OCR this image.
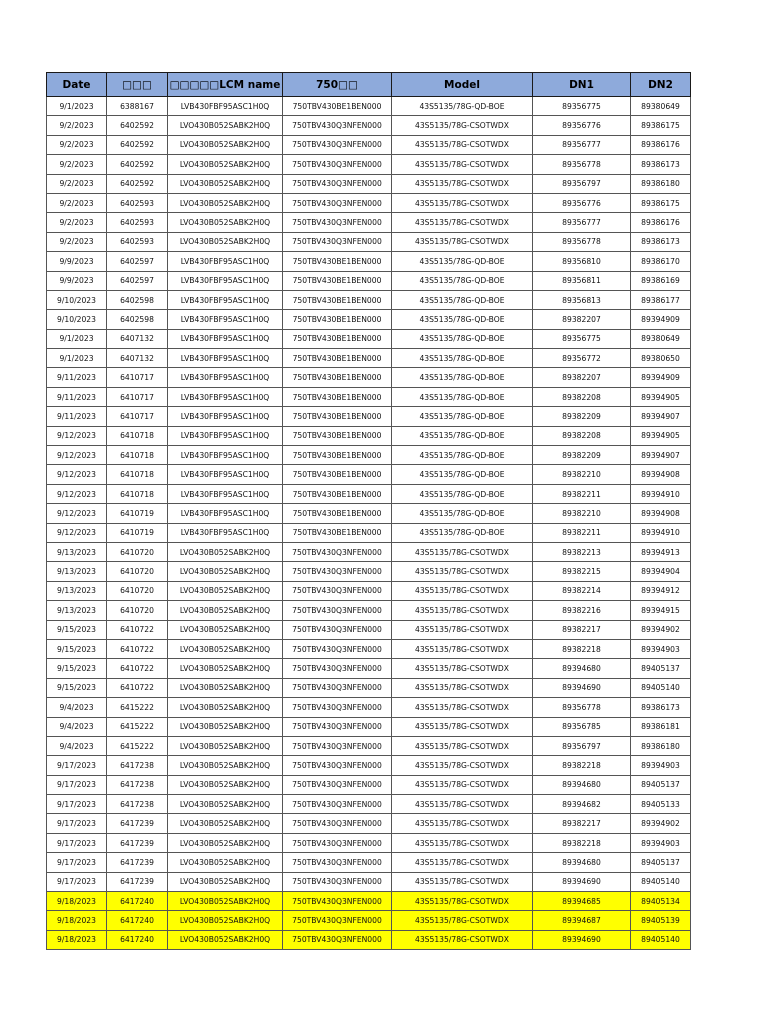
Date	□□□	□□□□□LCM name	750□□	Model	DN1	DN2
9/1/2023	6388167	LVB430FBF95ASC1H0Q	750TBV430BE1BEN000	43S5135/78G-QD-BOE	89356775	89380649
9/2/2023	6402592	LVO430B052SABK2H0Q	750TBV430Q3NFEN000	43S5135/78G-CSOTWDX	89356776	89386175
9/2/2023	6402592	LVO430B052SABK2H0Q	750TBV430Q3NFEN000	43S5135/78G-CSOTWDX	89356777	89386176
9/2/2023	6402592	LVO430B052SABK2H0Q	750TBV430Q3NFEN000	43S5135/78G-CSOTWDX	89356778	89386173
9/2/2023	6402592	LVO430B052SABK2H0Q	750TBV430Q3NFEN000	43S5135/78G-CSOTWDX	89356797	89386180
9/2/2023	6402593	LVO430B052SABK2H0Q	750TBV430Q3NFEN000	43S5135/78G-CSOTWDX	89356776	89386175
9/2/2023	6402593	LVO430B052SABK2H0Q	750TBV430Q3NFEN000	43S5135/78G-CSOTWDX	89356777	89386176
9/2/2023	6402593	LVO430B052SABK2H0Q	750TBV430Q3NFEN000	43S5135/78G-CSOTWDX	89356778	89386173
9/9/2023	6402597	LVB430FBF95ASC1H0Q	750TBV430BE1BEN000	43S5135/78G-QD-BOE	89356810	89386170
9/9/2023	6402597	LVB430FBF95ASC1H0Q	750TBV430BE1BEN000	43S5135/78G-QD-BOE	89356811	89386169
9/10/2023	6402598	LVB430FBF95ASC1H0Q	750TBV430BE1BEN000	43S5135/78G-QD-BOE	89356813	89386177
9/10/2023	6402598	LVB430FBF95ASC1H0Q	750TBV430BE1BEN000	43S5135/78G-QD-BOE	89382207	89394909
9/1/2023	6407132	LVB430FBF95ASC1H0Q	750TBV430BE1BEN000	43S5135/78G-QD-BOE	89356775	89380649
9/1/2023	6407132	LVB430FBF95ASC1H0Q	750TBV430BE1BEN000	43S5135/78G-QD-BOE	89356772	89380650
9/11/2023	6410717	LVB430FBF95ASC1H0Q	750TBV430BE1BEN000	43S5135/78G-QD-BOE	89382207	89394909
9/11/2023	6410717	LVB430FBF95ASC1H0Q	750TBV430BE1BEN000	43S5135/78G-QD-BOE	89382208	89394905
9/11/2023	6410717	LVB430FBF95ASC1H0Q	750TBV430BE1BEN000	43S5135/78G-QD-BOE	89382209	89394907
9/12/2023	6410718	LVB430FBF95ASC1H0Q	750TBV430BE1BEN000	43S5135/78G-QD-BOE	89382208	89394905
9/12/2023	6410718	LVB430FBF95ASC1H0Q	750TBV430BE1BEN000	43S5135/78G-QD-BOE	89382209	89394907
9/12/2023	6410718	LVB430FBF95ASC1H0Q	750TBV430BE1BEN000	43S5135/78G-QD-BOE	89382210	89394908
9/12/2023	6410718	LVB430FBF95ASC1H0Q	750TBV430BE1BEN000	43S5135/78G-QD-BOE	89382211	89394910
9/12/2023	6410719	LVB430FBF95ASC1H0Q	750TBV430BE1BEN000	43S5135/78G-QD-BOE	89382210	89394908
9/12/2023	6410719	LVB430FBF95ASC1H0Q	750TBV430BE1BEN000	43S5135/78G-QD-BOE	89382211	89394910
9/13/2023	6410720	LVO430B052SABK2H0Q	750TBV430Q3NFEN000	43S5135/78G-CSOTWDX	89382213	89394913
9/13/2023	6410720	LVO430B052SABK2H0Q	750TBV430Q3NFEN000	43S5135/78G-CSOTWDX	89382215	89394904
9/13/2023	6410720	LVO430B052SABK2H0Q	750TBV430Q3NFEN000	43S5135/78G-CSOTWDX	89382214	89394912
9/13/2023	6410720	LVO430B052SABK2H0Q	750TBV430Q3NFEN000	43S5135/78G-CSOTWDX	89382216	89394915
9/15/2023	6410722	LVO430B052SABK2H0Q	750TBV430Q3NFEN000	43S5135/78G-CSOTWDX	89382217	89394902
9/15/2023	6410722	LVO430B052SABK2H0Q	750TBV430Q3NFEN000	43S5135/78G-CSOTWDX	89382218	89394903
9/15/2023	6410722	LVO430B052SABK2H0Q	750TBV430Q3NFEN000	43S5135/78G-CSOTWDX	89394680	89405137
9/15/2023	6410722	LVO430B052SABK2H0Q	750TBV430Q3NFEN000	43S5135/78G-CSOTWDX	89394690	89405140
9/4/2023	6415222	LVO430B052SABK2H0Q	750TBV430Q3NFEN000	43S5135/78G-CSOTWDX	89356778	89386173
9/4/2023	6415222	LVO430B052SABK2H0Q	750TBV430Q3NFEN000	43S5135/78G-CSOTWDX	89356785	89386181
9/4/2023	6415222	LVO430B052SABK2H0Q	750TBV430Q3NFEN000	43S5135/78G-CSOTWDX	89356797	89386180
9/17/2023	6417238	LVO430B052SABK2H0Q	750TBV430Q3NFEN000	43S5135/78G-CSOTWDX	89382218	89394903
9/17/2023	6417238	LVO430B052SABK2H0Q	750TBV430Q3NFEN000	43S5135/78G-CSOTWDX	89394680	89405137
9/17/2023	6417238	LVO430B052SABK2H0Q	750TBV430Q3NFEN000	43S5135/78G-CSOTWDX	89394682	89405133
9/17/2023	6417239	LVO430B052SABK2H0Q	750TBV430Q3NFEN000	43S5135/78G-CSOTWDX	89382217	89394902
9/17/2023	6417239	LVO430B052SABK2H0Q	750TBV430Q3NFEN000	43S5135/78G-CSOTWDX	89382218	89394903
9/17/2023	6417239	LVO430B052SABK2H0Q	750TBV430Q3NFEN000	43S5135/78G-CSOTWDX	89394680	89405137
9/17/2023	6417239	LVO430B052SABK2H0Q	750TBV430Q3NFEN000	43S5135/78G-CSOTWDX	89394690	89405140
9/18/2023	6417240	LVO430B052SABK2H0Q	750TBV430Q3NFEN000	43S5135/78G-CSOTWDX	89394685	89405134
9/18/2023	6417240	LVO430B052SABK2H0Q	750TBV430Q3NFEN000	43S5135/78G-CSOTWDX	89394687	89405139
9/18/2023	6417240	LVO430B052SABK2H0Q	750TBV430Q3NFEN000	43S5135/78G-CSOTWDX	89394690	89405140
